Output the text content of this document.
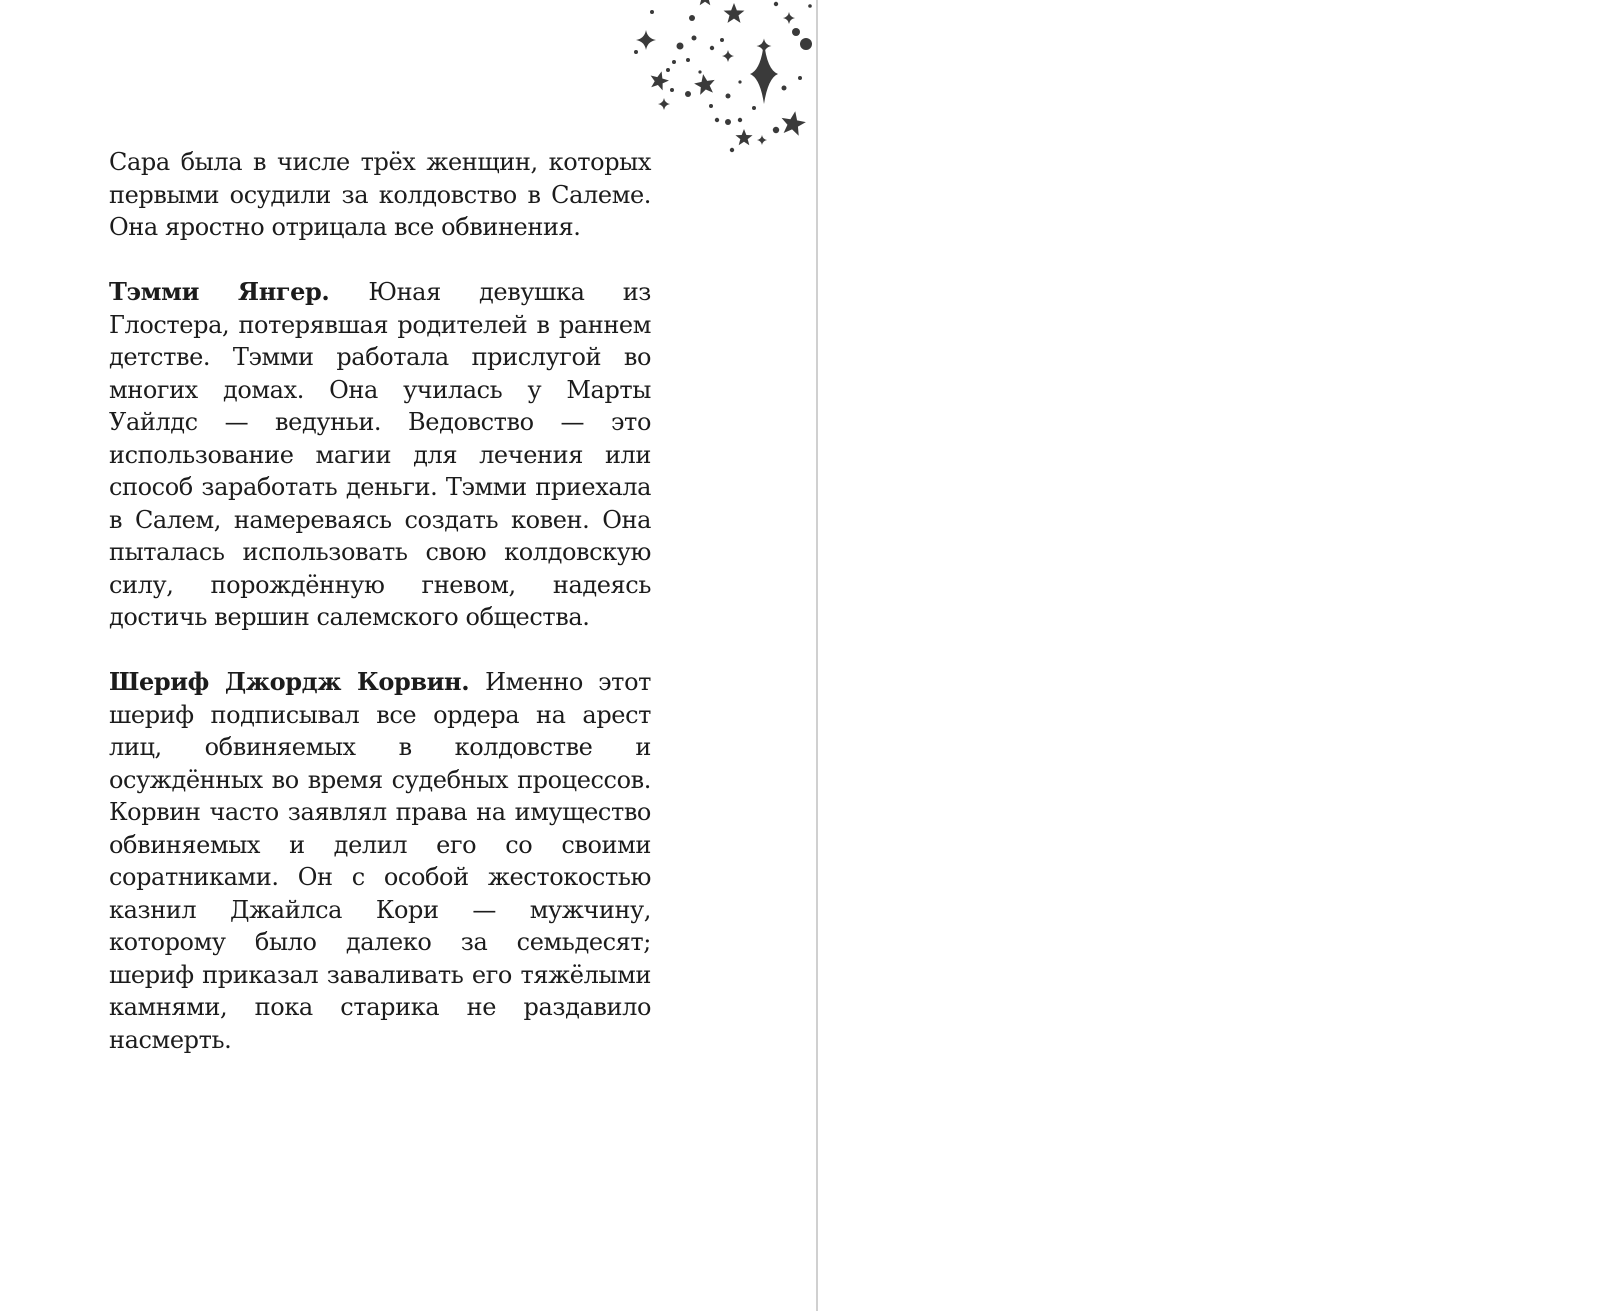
Сара была в числе трёх женщин, которых первыми осудили за колдовство в Салеме. Она яростно отрицала все обвинения.

Тэмми Янгер. Юная девушка из Глостера, потерявшая родителей в раннем детстве. Тэмми работала прислугой во многих домах. Она училась у Марты Уайлдс — ведуньи. Ведовство — это использование магии для лечения или способ заработать деньги. Тэмми приехала в Салем, намереваясь создать ковен. Она пыталась использовать свою колдовскую силу, порождённую гневом, надеясь достичь вершин салемского общества.

Шериф Джордж Корвин. Именно этот шериф подписывал все ордера на арест лиц, обвиняемых в колдовстве и осуждённых во время судебных процессов. Корвин часто заявлял права на имущество обвиняемых и делил его со своими соратниками. Он с особой жестокостью казнил Джайлса Кори — мужчину, которому было далеко за семьдесят; шериф приказал заваливать его тяжёлыми камнями, пока старика не раздавило насмерть.
